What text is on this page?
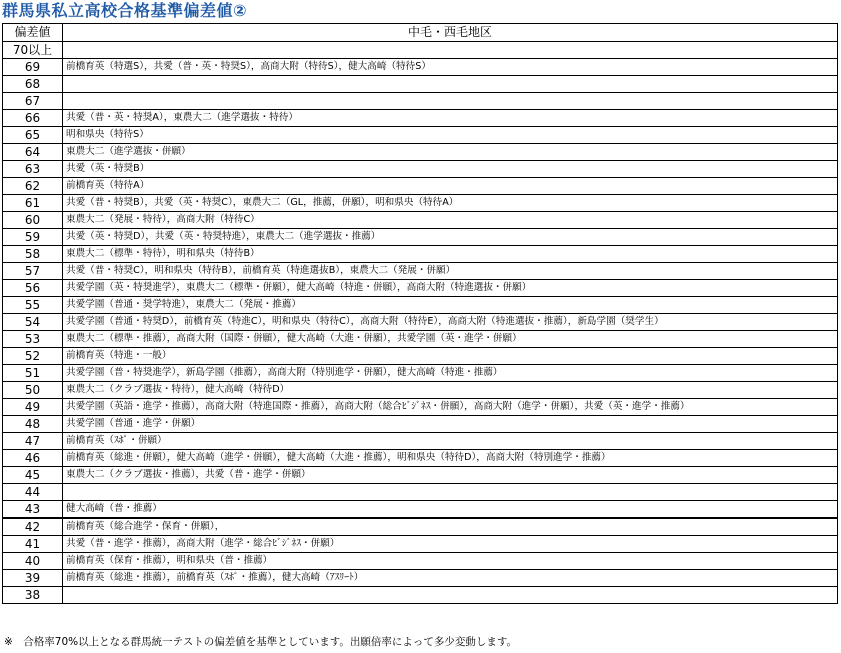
群馬県私立高校合格基準偏差値②
偏差値	中毛・西毛地区
70以上	
69	前橋育英（特選S），共愛（普・英・特奨S），高商大附（特待S），健大高崎（特待S）
68	
67	
66	共愛（普・英・特奨A），東農大二（進学選抜・特待）
65	明和県央（特待S）
64	東農大二（進学選抜・併願）
63	共愛（英・特奨B）
62	前橋育英（特待A）
61	共愛（普・特奨B），共愛（英・特奨C），東農大二（GL，推薦，併願），明和県央（特待A）
60	東農大二（発展・特待），高商大附（特待C）
59	共愛（英・特奨D），共愛（英・特奨特進），東農大二（進学選抜・推薦）
58	東農大二（標準・特待），明和県央（特待B）
57	共愛（普・特奨C），明和県央（特待B），前橋育英（特進選抜B），東農大二（発展・併願）
56	共愛学園（英・特奨進学），東農大二（標準・併願），健大高崎（特進・併願），高商大附（特進選抜・併願）
55	共愛学園（普通・奨学特進），東農大二（発展・推薦）
54	共愛学園（普通・特奨D），前橋育英（特進C），明和県央（特待C），高商大附（特待E），高商大附（特進選抜・推薦），新島学園（奨学生）
53	東農大二（標準・推薦），高商大附（国際・併願），健大高崎（大進・併願），共愛学園（英・進学・併願）
52	前橋育英（特進・一般）
51	共愛学園（普・特奨進学），新島学園（推薦），高商大附（特別進学・併願），健大高崎（特進・推薦）
50	東農大二（クラブ選抜・特待），健大高崎（特待D）
49	共愛学園（英語・進学・推薦），高商大附（特進国際・推薦），高商大附（総合ﾋﾞｼﾞﾈｽ・併願），高商大附（進学・併願），共愛（英・進学・推薦）
48	共愛学園（普通・進学・併願）
47	前橋育英（ｽﾎﾟ・併願）
46	前橋育英（総進・併願），健大高崎（進学・併願），健大高崎（大進・推薦），明和県央（特待D），高商大附（特別進学・推薦）
45	東農大二（クラブ選抜・推薦），共愛（普・進学・併願）
44	
43	健大高崎（普・推薦）
42	前橋育英（総合進学・保育・併願），
41	共愛（普・進学・推薦），高商大附（進学・総合ﾋﾞｼﾞﾈｽ・併願）
40	前橋育英（保育・推薦），明和県央（普・推薦）
39	前橋育英（総進・推薦），前橋育英（ｽﾎﾟ・推薦），健大高崎（ｱｽﾘｰﾄ）
38	
※　合格率70%以上となる群馬統一テストの偏差値を基準としています。出願倍率によって多少変動します。
